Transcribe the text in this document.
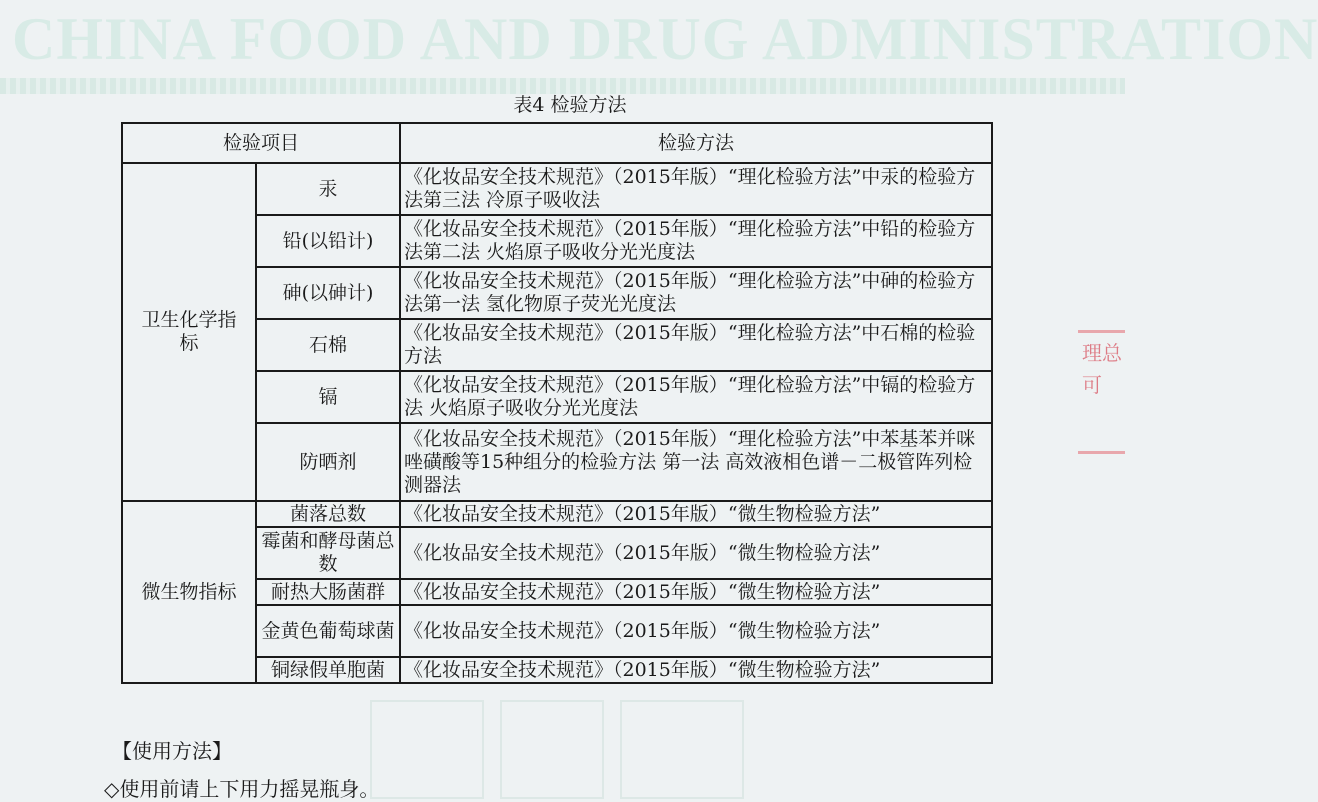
CHINA FOOD AND DRUG ADMINISTRATION
表4 检验方法
检验项目		检验方法
卫生化学指标	汞	《化妆品安全技术规范》（2015年版）“理化检验方法”中汞的检验方法第三法 冷原子吸收法
	铅(以铅计)	《化妆品安全技术规范》（2015年版）“理化检验方法”中铅的检验方法第二法 火焰原子吸收分光光度法
	砷(以砷计)	《化妆品安全技术规范》（2015年版）“理化检验方法”中砷的检验方法第一法 氢化物原子荧光光度法
	石棉	《化妆品安全技术规范》（2015年版）“理化检验方法”中石棉的检验方法
	镉	《化妆品安全技术规范》（2015年版）“理化检验方法”中镉的检验方法 火焰原子吸收分光光度法
	防晒剂	《化妆品安全技术规范》（2015年版）“理化检验方法”中苯基苯并咪唑磺酸等15种组分的检验方法 第一法 高效液相色谱－二极管阵列检测器法
微生物指标	菌落总数	《化妆品安全技术规范》（2015年版）“微生物检验方法”
	霉菌和酵母菌总数	《化妆品安全技术规范》（2015年版）“微生物检验方法”
	耐热大肠菌群	《化妆品安全技术规范》（2015年版）“微生物检验方法”
	金黄色葡萄球菌	《化妆品安全技术规范》（2015年版）“微生物检验方法”
	铜绿假单胞菌	《化妆品安全技术规范》（2015年版）“微生物检验方法”
理总
可
【使用方法】
◇使用前请上下用力摇晃瓶身。
